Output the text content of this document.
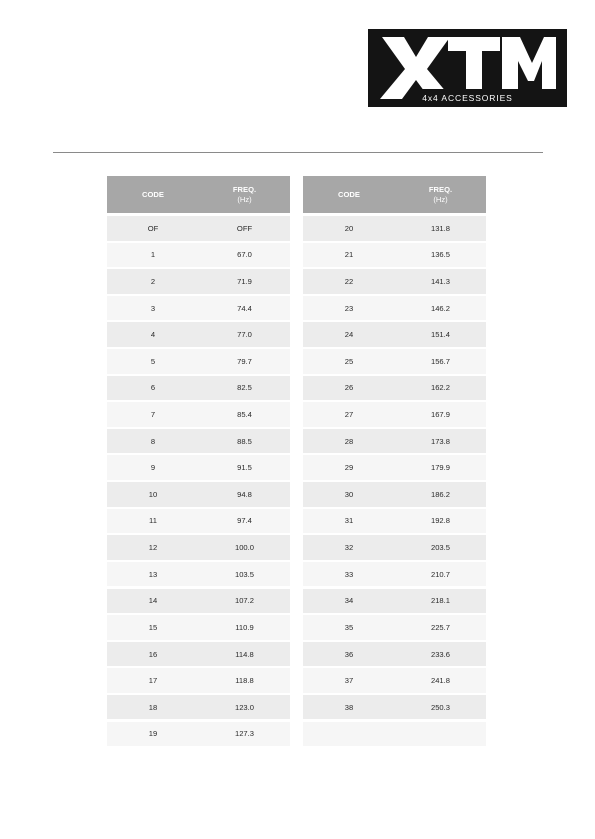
4x4 ACCESSORIES
CODE
FREQ.
(Hz)
OF	OFF
1	67.0
2	71.9
3	74.4
4	77.0
5	79.7
6	82.5
7	85.4
8	88.5
9	91.5
10	94.8
11	97.4
12	100.0
13	103.5
14	107.2
15	110.9
16	114.8
17	118.8
18	123.0
19	127.3
CODE
FREQ.
(Hz)
20	131.8
21	136.5
22	141.3
23	146.2
24	151.4
25	156.7
26	162.2
27	167.9
28	173.8
29	179.9
30	186.2
31	192.8
32	203.5
33	210.7
34	218.1
35	225.7
36	233.6
37	241.8
38	250.3
